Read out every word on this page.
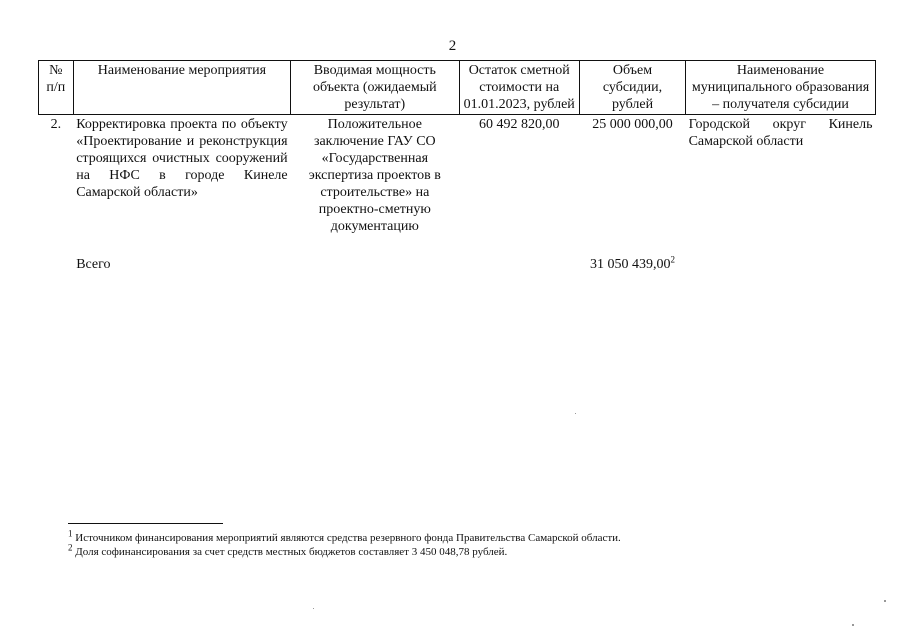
2
№ п/п	Наименование мероприятия	Вводимая мощность объекта (ожидаемый результат)	Остаток сметной стоимости на 01.01.2023, рублей	Объем субсидии, рублей	Наименование муниципального образования – получателя субсидии
2.	Корректировка проекта по объекту «Проектирование и реконструкция строящихся очистных сооружений на НФС в городе Кинеле Самарской области»	Положительное заключение ГАУ СО «Государственная экспертиза проектов в строительстве» на проектно-сметную документацию	60 492 820,00	25 000 000,00	Городской округ Кинель Самарской области
	Всего			31 050 439,00$^2$	
$^1$ Источником финансирования мероприятий являются средства резервного фонда Правительства Самарской области.
$^2$ Доля софинансирования за счет средств местных бюджетов составляет 3 450 048,78 рублей.
